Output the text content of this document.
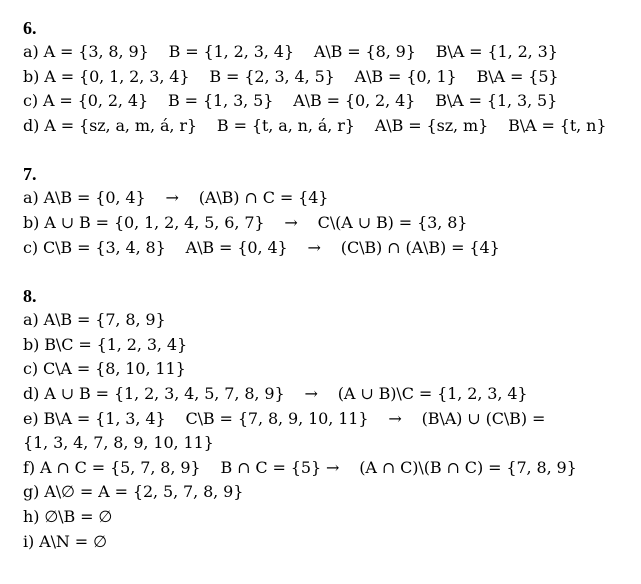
6.
a) A = {3, 8, 9}    B = {1, 2, 3, 4}    A\B = {8, 9}    B\A = {1, 2, 3}
b) A = {0, 1, 2, 3, 4}    B = {2, 3, 4, 5}    A\B = {0, 1}    B\A = {5}
c) A = {0, 2, 4}    B = {1, 3, 5}    A\B = {0, 2, 4}    B\A = {1, 3, 5}
d) A = {sz, a, m, á, r}    B = {t, a, n, á, r}    A\B = {sz, m}    B\A = {t, n}
7.
a) A\B = {0, 4}    →    (A\B) ∩ C = {4}
b) A ∪ B = {0, 1, 2, 4, 5, 6, 7}    →    C\(A ∪ B) = {3, 8}
c) C\B = {3, 4, 8}    A\B = {0, 4}    →    (C\B) ∩ (A\B) = {4}
8.
a) A\B = {7, 8, 9}
b) B\C = {1, 2, 3, 4}
c) C\A = {8, 10, 11}
d) A ∪ B = {1, 2, 3, 4, 5, 7, 8, 9}    →    (A ∪ B)\C = {1, 2, 3, 4}
e) B\A = {1, 3, 4}    C\B = {7, 8, 9, 10, 11}    →    (B\A) ∪ (C\B) =
{1, 3, 4, 7, 8, 9, 10, 11}
f) A ∩ C = {5, 7, 8, 9}    B ∩ C = {5} →    (A ∩ C)\(B ∩ C) = {7, 8, 9}
g) A\∅ = A = {2, 5, 7, 8, 9}
h) ∅\B = ∅
i) A\N = ∅
